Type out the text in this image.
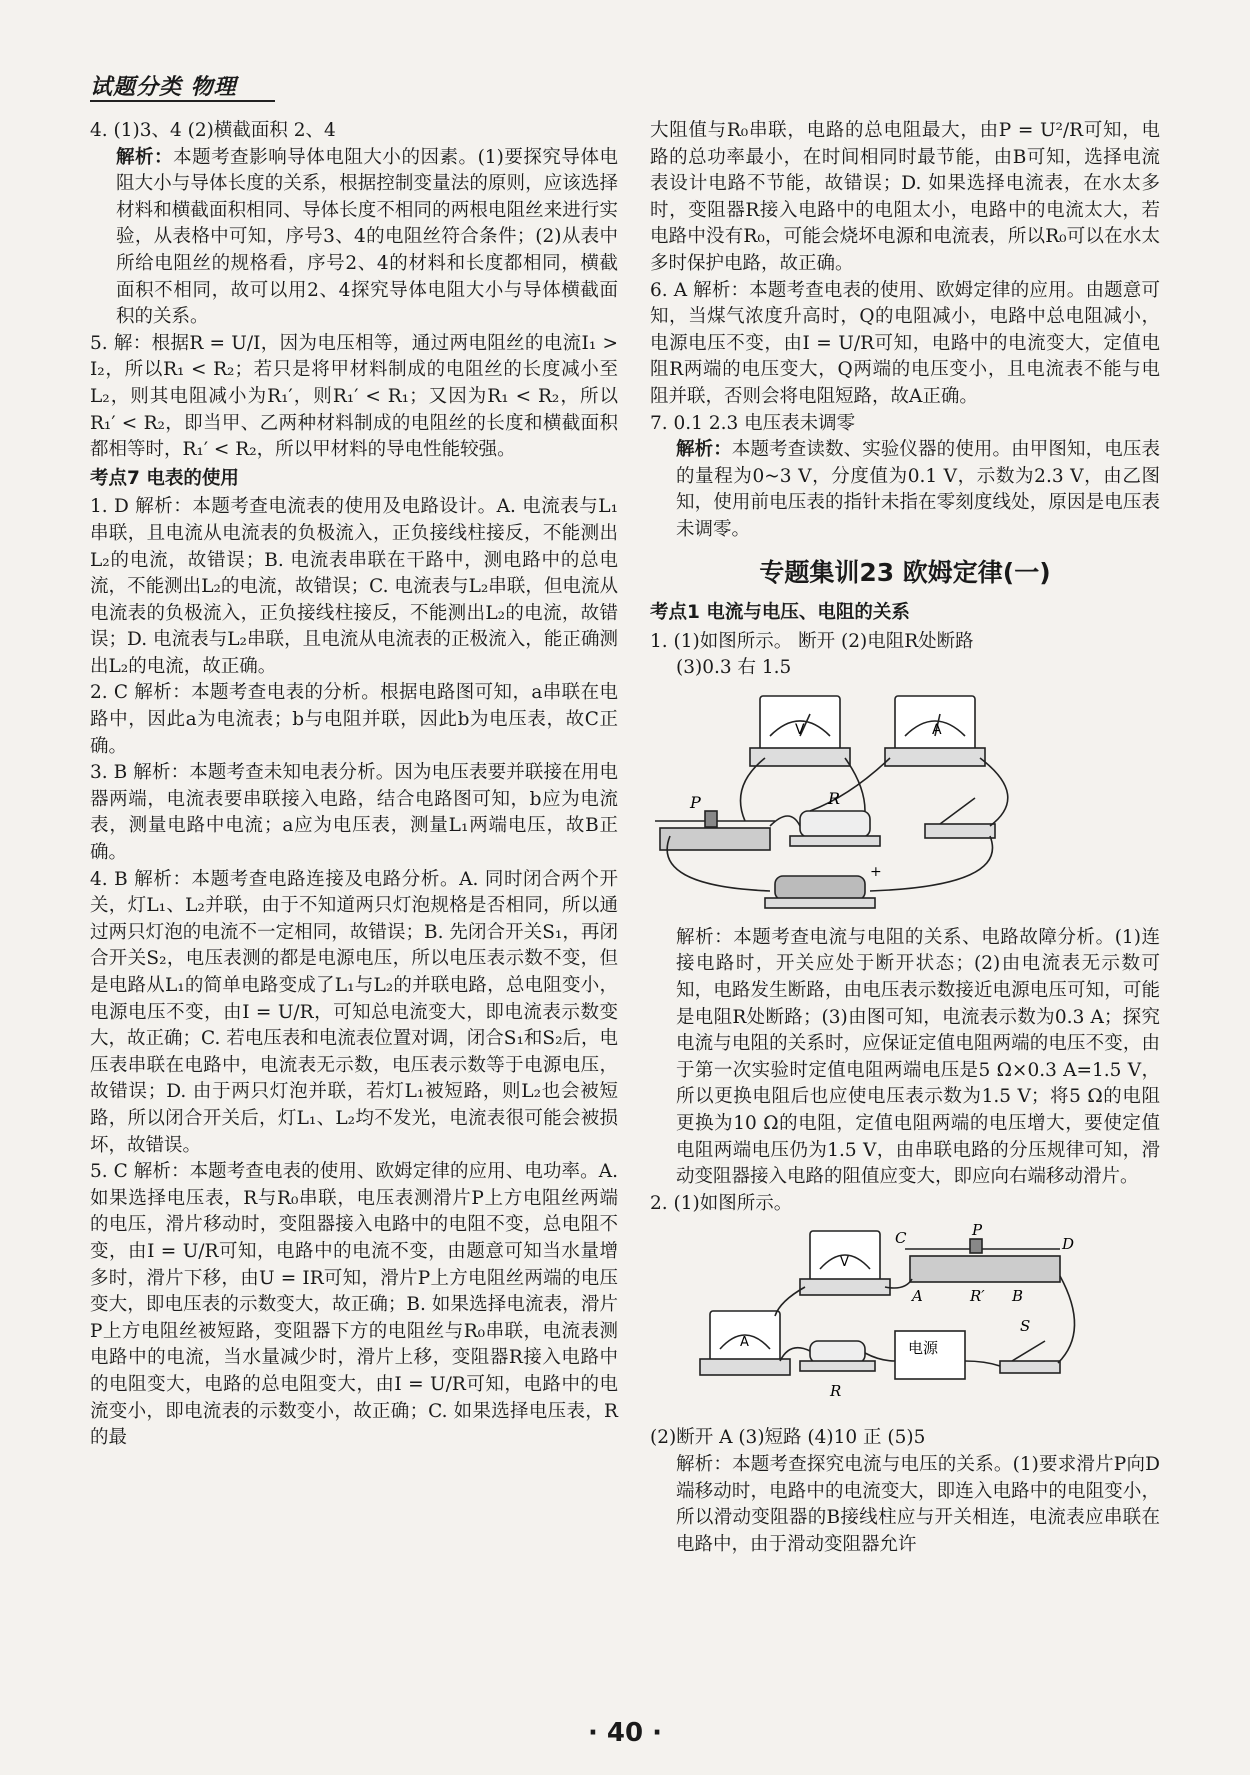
试题分类 物理

4. (1)3、4 (2)横截面积 2、4

解析：本题考查影响导体电阻大小的因素。(1)要探究导体电阻大小与导体长度的关系，根据控制变量法的原则，应该选择材料和横截面积相同、导体长度不相同的两根电阻丝来进行实验，从表格中可知，序号3、4的电阻丝符合条件；(2)从表中所给电阻丝的规格看，序号2、4的材料和长度都相同，横截面积不相同，故可以用2、4探究导体电阻大小与导体横截面积的关系。

5. 解：根据R = U/I，因为电压相等，通过两电阻丝的电流I₁ > I₂，所以R₁ < R₂；若只是将甲材料制成的电阻丝的长度减小至L₂，则其电阻减小为R₁′，则R₁′ < R₁；又因为R₁ < R₂，所以R₁′ < R₂，即当甲、乙两种材料制成的电阻丝的长度和横截面积都相等时，R₁′ < R₂，所以甲材料的导电性能较强。

考点7 电表的使用

1. D 解析：本题考查电流表的使用及电路设计。A. 电流表与L₁串联，且电流从电流表的负极流入，正负接线柱接反，不能测出L₂的电流，故错误；B. 电流表串联在干路中，测电路中的总电流，不能测出L₂的电流，故错误；C. 电流表与L₂串联，但电流从电流表的负极流入，正负接线柱接反，不能测出L₂的电流，故错误；D. 电流表与L₂串联，且电流从电流表的正极流入，能正确测出L₂的电流，故正确。

2. C 解析：本题考查电表的分析。根据电路图可知，a串联在电路中，因此a为电流表；b与电阻并联，因此b为电压表，故C正确。

3. B 解析：本题考查未知电表分析。因为电压表要并联接在用电器两端，电流表要串联接入电路，结合电路图可知，b应为电流表，测量电路中电流；a应为电压表，测量L₁两端电压，故B正确。

4. B 解析：本题考查电路连接及电路分析。A. 同时闭合两个开关，灯L₁、L₂并联，由于不知道两只灯泡规格是否相同，所以通过两只灯泡的电流不一定相同，故错误；B. 先闭合开关S₁，再闭合开关S₂，电压表测的都是电源电压，所以电压表示数不变，但是电路从L₁的简单电路变成了L₁与L₂的并联电路，总电阻变小，电源电压不变，由I = U/R，可知总电流变大，即电流表示数变大，故正确；C. 若电压表和电流表位置对调，闭合S₁和S₂后，电压表串联在电路中，电流表无示数，电压表示数等于电源电压，故错误；D. 由于两只灯泡并联，若灯L₁被短路，则L₂也会被短路，所以闭合开关后，灯L₁、L₂均不发光，电流表很可能会被损坏，故错误。

5. C 解析：本题考查电表的使用、欧姆定律的应用、电功率。A. 如果选择电压表，R与R₀串联，电压表测滑片P上方电阻丝两端的电压，滑片移动时，变阻器接入电路中的电阻不变，总电阻不变，由I = U/R可知，电路中的电流不变，由题意可知当水量增多时，滑片下移，由U = IR可知，滑片P上方电阻丝两端的电压变大，即电压表的示数变大，故正确；B. 如果选择电流表，滑片P上方电阻丝被短路，变阻器下方的电阻丝与R₀串联，电流表测电路中的电流，当水量减少时，滑片上移，变阻器R接入电路中的电阻变大，电路的总电阻变大，由I = U/R可知，电路中的电流变小，即电流表的示数变小，故正确；C. 如果选择电压表，R的最

大阻值与R₀串联，电路的总电阻最大，由P = U²/R可知，电路的总功率最小，在时间相同时最节能，由B可知，选择电流表设计电路不节能，故错误；D. 如果选择电流表，在水太多时，变阻器R接入电路中的电阻太小，电路中的电流太大，若电路中没有R₀，可能会烧坏电源和电流表，所以R₀可以在水太多时保护电路，故正确。

6. A 解析：本题考查电表的使用、欧姆定律的应用。由题意可知，当煤气浓度升高时，Q的电阻减小，电路中总电阻减小，电源电压不变，由I = U/R可知，电路中的电流变大，定值电阻R两端的电压变大，Q两端的电压变小，且电流表不能与电阻并联，否则会将电阻短路，故A正确。

7. 0.1 2.3 电压表未调零

解析：本题考查读数、实验仪器的使用。由甲图知，电压表的量程为0~3 V，分度值为0.1 V，示数为2.3 V，由乙图知，使用前电压表的指针未指在零刻度线处，原因是电压表未调零。

专题集训23 欧姆定律(一)

考点1 电流与电压、电阻的关系

1. (1)如图所示。 断开 (2)电阻R处断路

(3)0.3 右 1.5

V	A
R
P
+

解析：本题考查电流与电阻的关系、电路故障分析。(1)连接电路时，开关应处于断开状态；(2)由电流表无示数可知，电路发生断路，由电压表示数接近电源电压可知，可能是电阻R处断路；(3)由图可知，电流表示数为0.3 A；探究电流与电阻的关系时，应保证定值电阻两端的电压不变，由于第一次实验时定值电阻两端电压是5 Ω×0.3 A=1.5 V，所以更换电阻后也应使电压表示数为1.5 V；将5 Ω的电阻更换为10 Ω的电阻，定值电阻两端的电压增大，要使定值电阻两端电压仍为1.5 V，由串联电路的分压规律可知，滑动变阻器接入电路的阻值应变大，即应向右端移动滑片。

2. (1)如图所示。

V
A
C	P
D
A	R′ B
电源
R
S

(2)断开 A (3)短路 (4)10 正 (5)5

解析：本题考查探究电流与电压的关系。(1)要求滑片P向D端移动时，电路中的电流变大，即连入电路中的电阻变小，所以滑动变阻器的B接线柱应与开关相连，电流表应串联在电路中，由于滑动变阻器允许

· 40 ·
